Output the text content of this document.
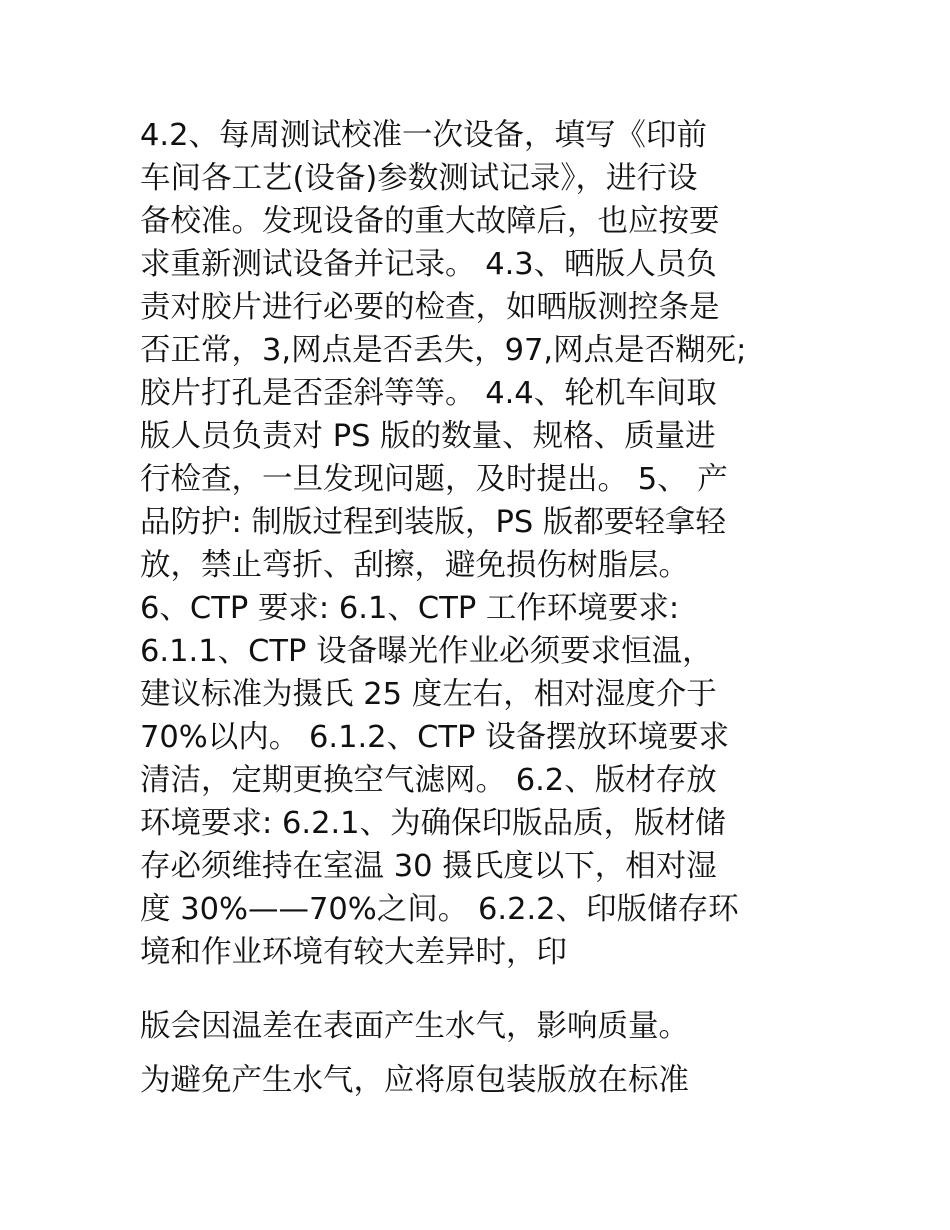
4.2、每周测试校准一次设备，填写《印前
车间各工艺(设备)参数测试记录》，进行设
备校准。发现设备的重大故障后，也应按要
求重新测试设备并记录。 4.3、晒版人员负
责对胶片进行必要的检查，如晒版测控条是
否正常，3,网点是否丢失，97,网点是否糊死;
胶片打孔是否歪斜等等。 4.4、轮机车间取
版人员负责对 PS 版的数量、规格、质量进
行检查，一旦发现问题，及时提出。 5、 产
品防护: 制版过程到装版，PS 版都要轻拿轻
放，禁止弯折、刮擦，避免损伤树脂层。
6、CTP 要求: 6.1、CTP 工作环境要求:
6.1.1、CTP 设备曝光作业必须要求恒温，
建议标准为摄氏 25 度左右，相对湿度介于
70%以内。 6.1.2、CTP 设备摆放环境要求
清洁，定期更换空气滤网。 6.2、版材存放
环境要求: 6.2.1、为确保印版品质，版材储
存必须维持在室温 30 摄氏度以下，相对湿
度 30%——70%之间。 6.2.2、印版储存环
境和作业环境有较大差异时，印
版会因温差在表面产生水气，影响质量。
为避免产生水气，应将原包装版放在标准
